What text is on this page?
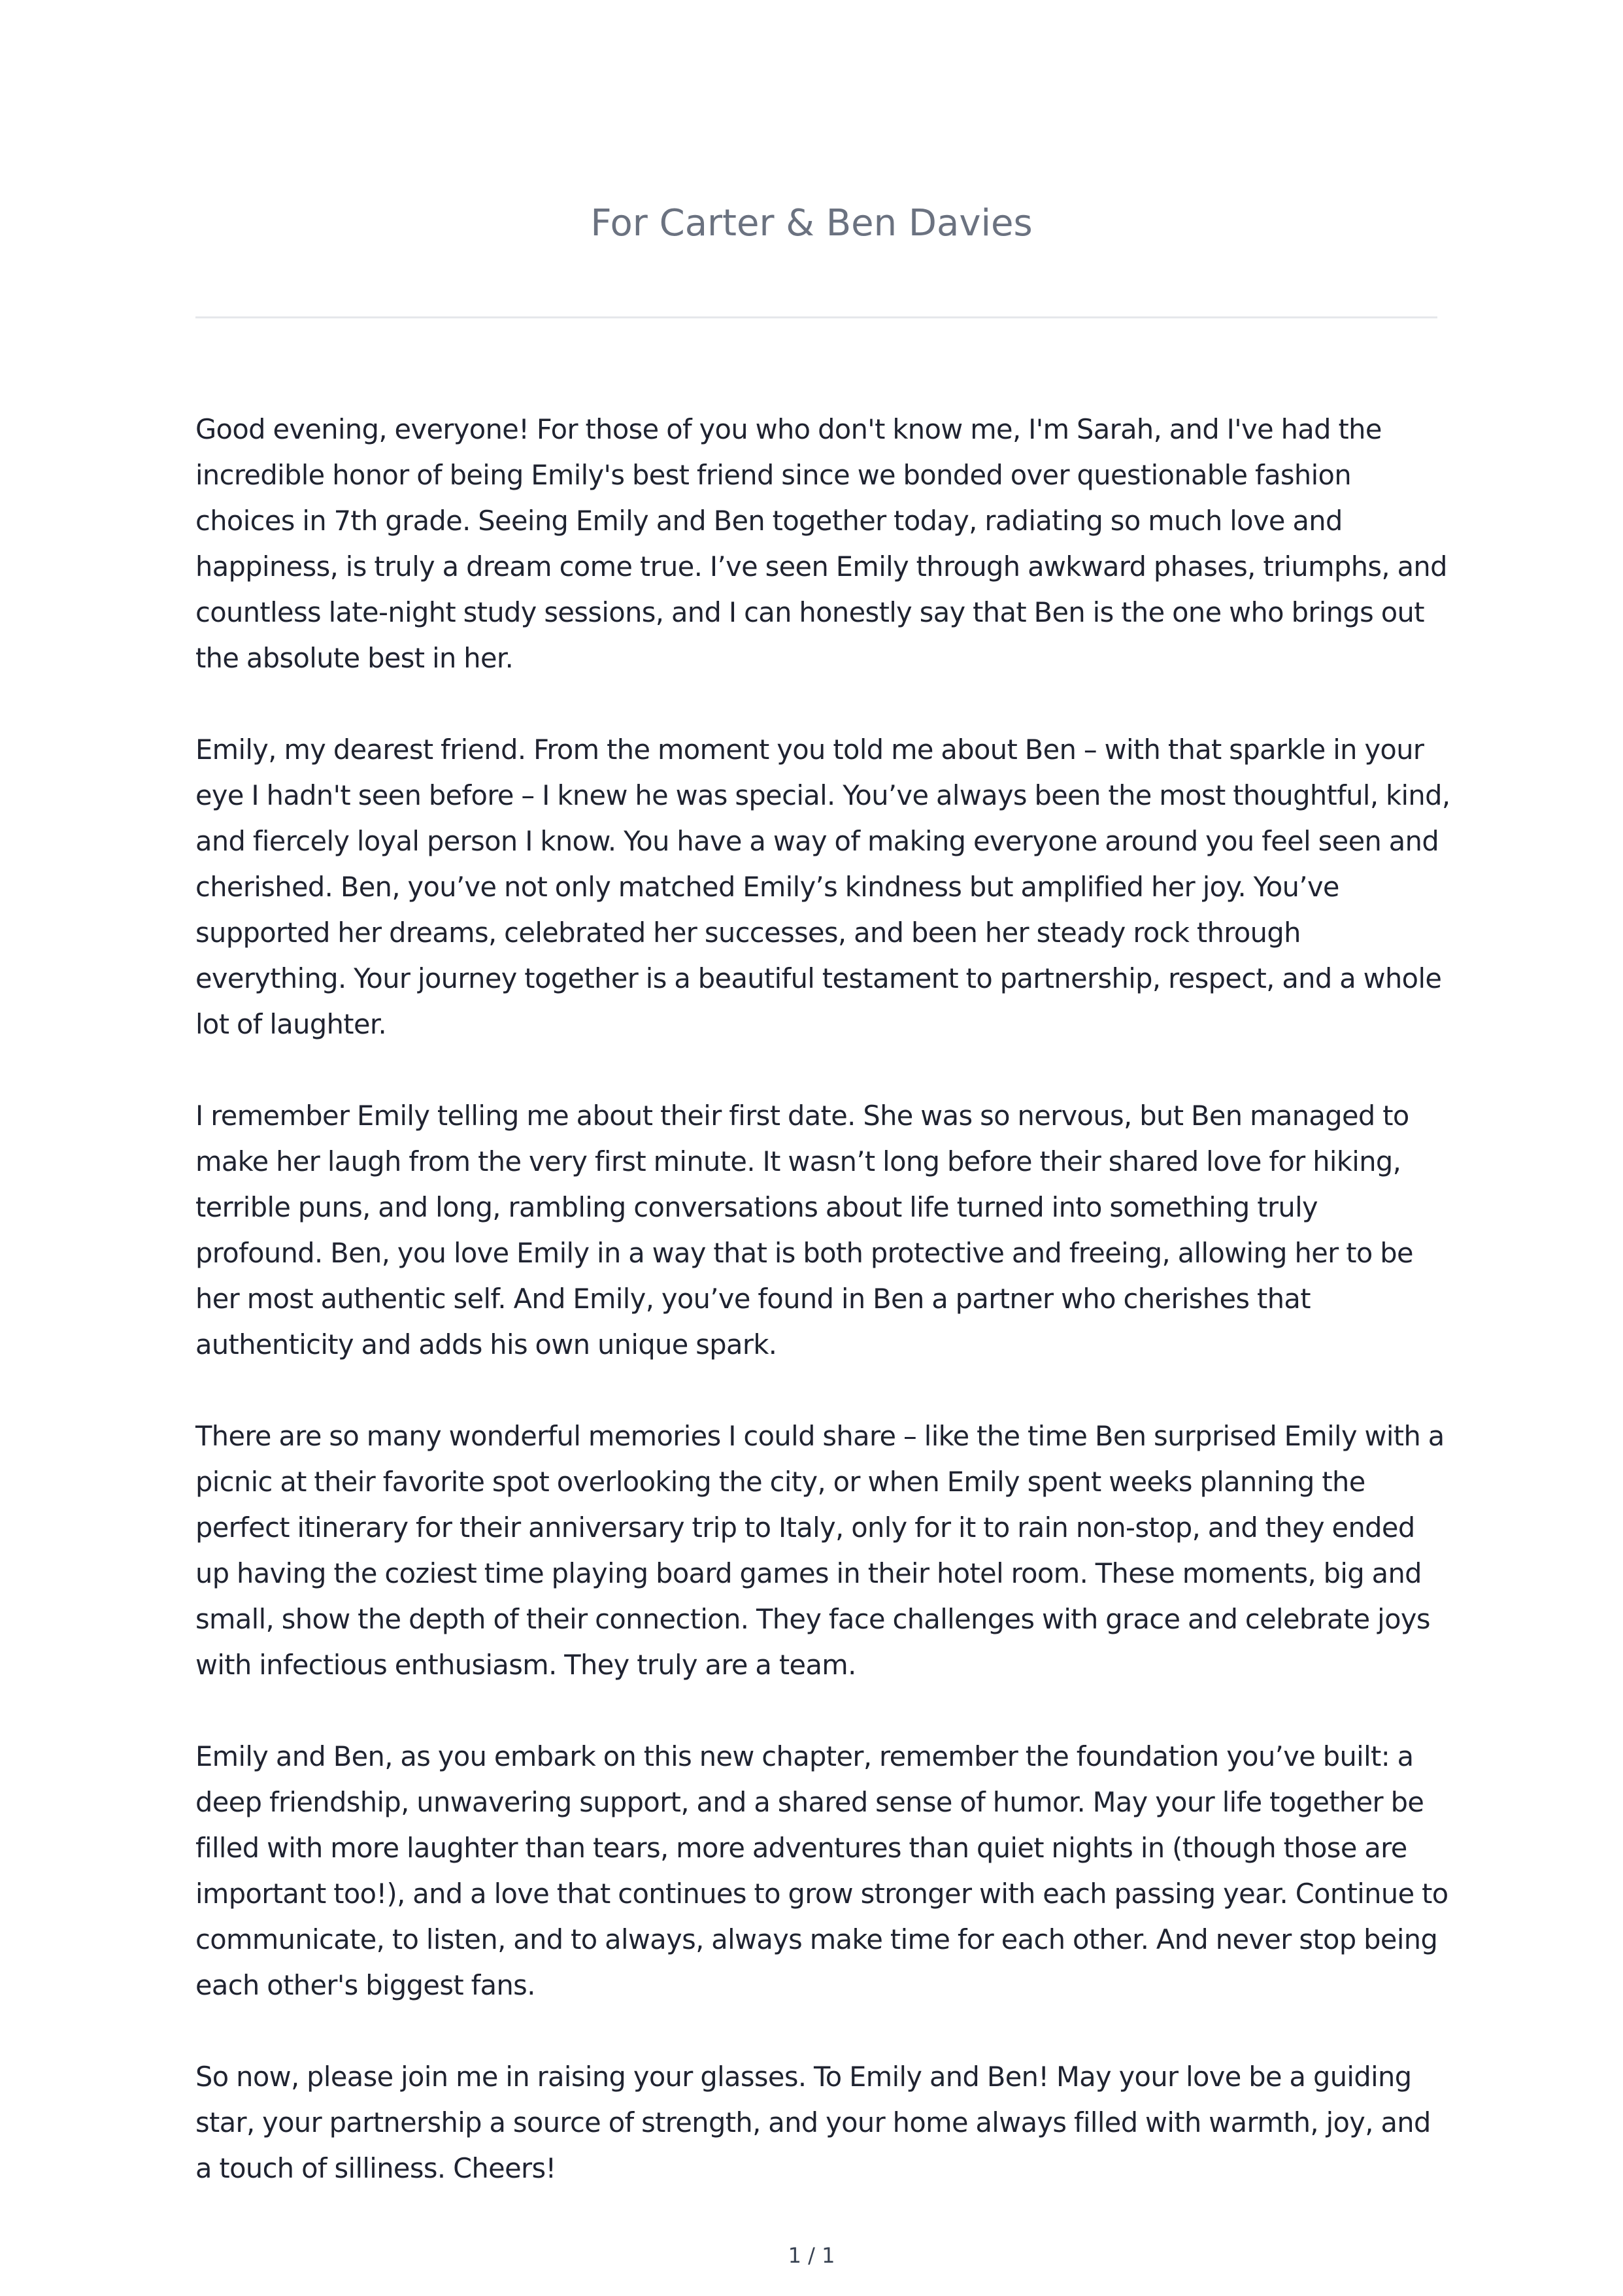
For Carter & Ben Davies

Good evening, everyone! For those of you who don't know me, I'm Sarah, and I've had the incredible honor of being Emily's best friend since we bonded over questionable fashion choices in 7th grade. Seeing Emily and Ben together today, radiating so much love and happiness, is truly a dream come true. I’ve seen Emily through awkward phases, triumphs, and countless late-night study sessions, and I can honestly say that Ben is the one who brings out the absolute best in her.

Emily, my dearest friend. From the moment you told me about Ben – with that sparkle in your eye I hadn't seen before – I knew he was special. You’ve always been the most thoughtful, kind, and fiercely loyal person I know. You have a way of making everyone around you feel seen and cherished. Ben, you’ve not only matched Emily’s kindness but amplified her joy. You’ve supported her dreams, celebrated her successes, and been her steady rock through everything. Your journey together is a beautiful testament to partnership, respect, and a whole lot of laughter.

I remember Emily telling me about their first date. She was so nervous, but Ben managed to make her laugh from the very first minute. It wasn’t long before their shared love for hiking, terrible puns, and long, rambling conversations about life turned into something truly profound. Ben, you love Emily in a way that is both protective and freeing, allowing her to be her most authentic self. And Emily, you’ve found in Ben a partner who cherishes that authenticity and adds his own unique spark.

There are so many wonderful memories I could share – like the time Ben surprised Emily with a picnic at their favorite spot overlooking the city, or when Emily spent weeks planning the perfect itinerary for their anniversary trip to Italy, only for it to rain non-stop, and they ended up having the coziest time playing board games in their hotel room. These moments, big and small, show the depth of their connection. They face challenges with grace and celebrate joys with infectious enthusiasm. They truly are a team.

Emily and Ben, as you embark on this new chapter, remember the foundation you’ve built: a deep friendship, unwavering support, and a shared sense of humor. May your life together be filled with more laughter than tears, more adventures than quiet nights in (though those are important too!), and a love that continues to grow stronger with each passing year. Continue to communicate, to listen, and to always, always make time for each other. And never stop being each other's biggest fans.

So now, please join me in raising your glasses. To Emily and Ben! May your love be a guiding star, your partnership a source of strength, and your home always filled with warmth, joy, and a touch of silliness. Cheers!

1 / 1
